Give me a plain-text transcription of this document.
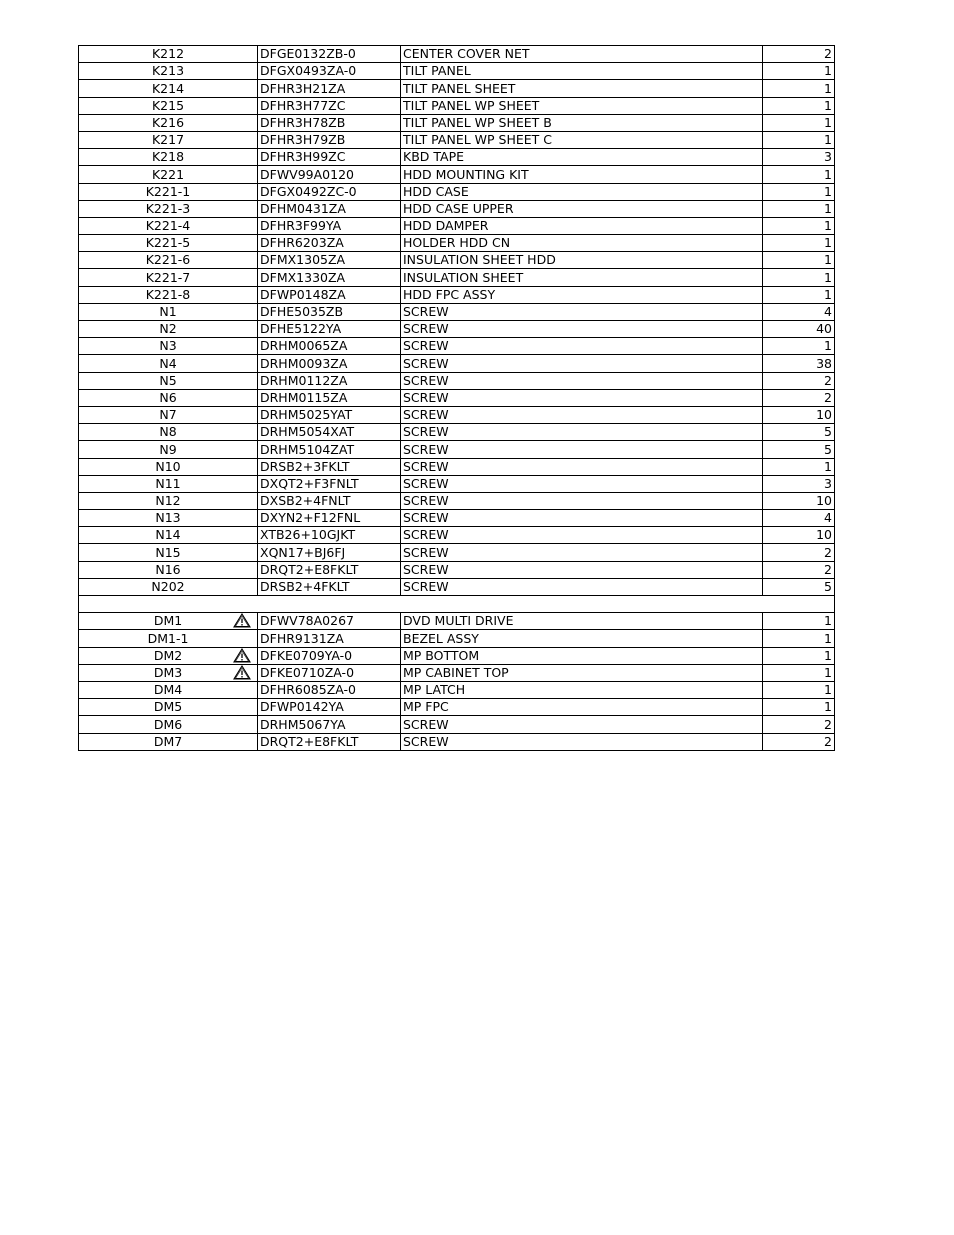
K212	DFGE0132ZB-0	CENTER COVER NET	2
K213	DFGX0493ZA-0	TILT PANEL	1
K214	DFHR3H21ZA	TILT PANEL SHEET	1
K215	DFHR3H77ZC	TILT PANEL WP SHEET	1
K216	DFHR3H78ZB	TILT PANEL WP SHEET B	1
K217	DFHR3H79ZB	TILT PANEL WP SHEET C	1
K218	DFHR3H99ZC	KBD TAPE	3
K221	DFWV99A0120	HDD MOUNTING KIT	1
K221-1	DFGX0492ZC-0	HDD CASE	1
K221-3	DFHM0431ZA	HDD CASE UPPER	1
K221-4	DFHR3F99YA	HDD DAMPER	1
K221-5	DFHR6203ZA	HOLDER HDD CN	1
K221-6	DFMX1305ZA	INSULATION SHEET HDD	1
K221-7	DFMX1330ZA	INSULATION SHEET	1
K221-8	DFWP0148ZA	HDD FPC ASSY	1
N1	DFHE5035ZB	SCREW	4
N2	DFHE5122YA	SCREW	40
N3	DRHM0065ZA	SCREW	1
N4	DRHM0093ZA	SCREW	38
N5	DRHM0112ZA	SCREW	2
N6	DRHM0115ZA	SCREW	2
N7	DRHM5025YAT	SCREW	10
N8	DRHM5054XAT	SCREW	5
N9	DRHM5104ZAT	SCREW	5
N10	DRSB2+3FKLT	SCREW	1
N11	DXQT2+F3FNLT	SCREW	3
N12	DXSB2+4FNLT	SCREW	10
N13	DXYN2+F12FNL	SCREW	4
N14	XTB26+10GJKT	SCREW	10
N15	XQN17+BJ6FJ	SCREW	2
N16	DRQT2+E8FKLT	SCREW	2
N202	DRSB2+4FKLT	SCREW	5

DM1	DFWV78A0267	DVD MULTI DRIVE	1
DM1-1	DFHR9131ZA	BEZEL ASSY	1
DM2	DFKE0709YA-0	MP BOTTOM	1
DM3	DFKE0710ZA-0	MP CABINET TOP	1
DM4	DFHR6085ZA-0	MP LATCH	1
DM5	DFWP0142YA	MP FPC	1
DM6	DRHM5067YA	SCREW	2
DM7	DRQT2+E8FKLT	SCREW	2
